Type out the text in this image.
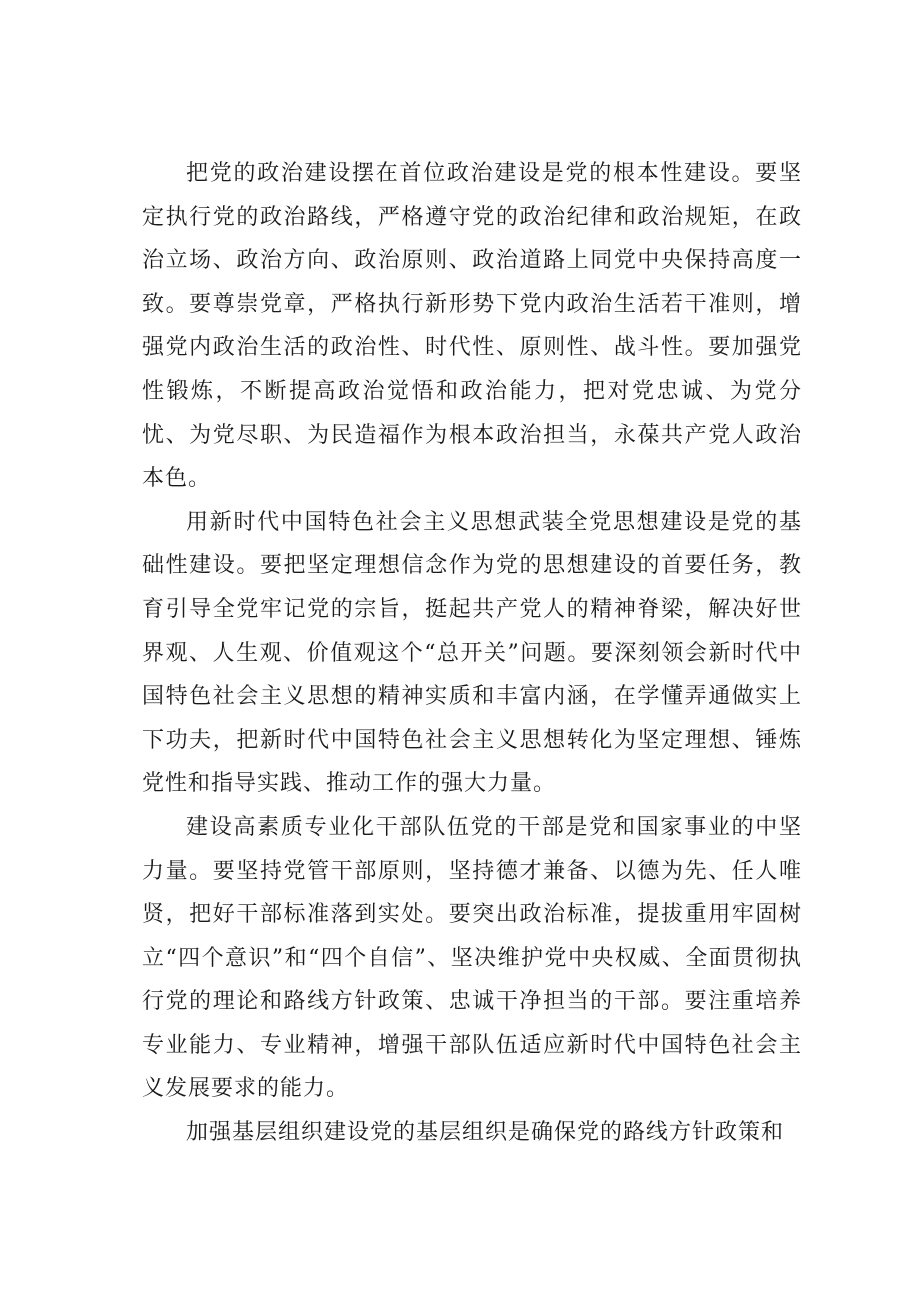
把党的政治建设摆在首位政治建设是党的根本性建设。要坚定执行党的政治路线，严格遵守党的政治纪律和政治规矩，在政治立场、政治方向、政治原则、政治道路上同党中央保持高度一致。要尊崇党章，严格执行新形势下党内政治生活若干准则，增强党内政治生活的政治性、时代性、原则性、战斗性。要加强党性锻炼，不断提高政治觉悟和政治能力，把对党忠诚、为党分忧、为党尽职、为民造福作为根本政治担当，永葆共产党人政治本色。

用新时代中国特色社会主义思想武装全党思想建设是党的基础性建设。要把坚定理想信念作为党的思想建设的首要任务，教育引导全党牢记党的宗旨，挺起共产党人的精神脊梁，解决好世界观、人生观、价值观这个“总开关”问题。要深刻领会新时代中国特色社会主义思想的精神实质和丰富内涵，在学懂弄通做实上下功夫，把新时代中国特色社会主义思想转化为坚定理想、锤炼党性和指导实践、推动工作的强大力量。

建设高素质专业化干部队伍党的干部是党和国家事业的中坚力量。要坚持党管干部原则，坚持德才兼备、以德为先、任人唯贤，把好干部标准落到实处。要突出政治标准，提拔重用牢固树立“四个意识”和“四个自信”、坚决维护党中央权威、全面贯彻执行党的理论和路线方针政策、忠诚干净担当的干部。要注重培养专业能力、专业精神，增强干部队伍适应新时代中国特色社会主义发展要求的能力。

加强基层组织建设党的基层组织是确保党的路线方针政策和
